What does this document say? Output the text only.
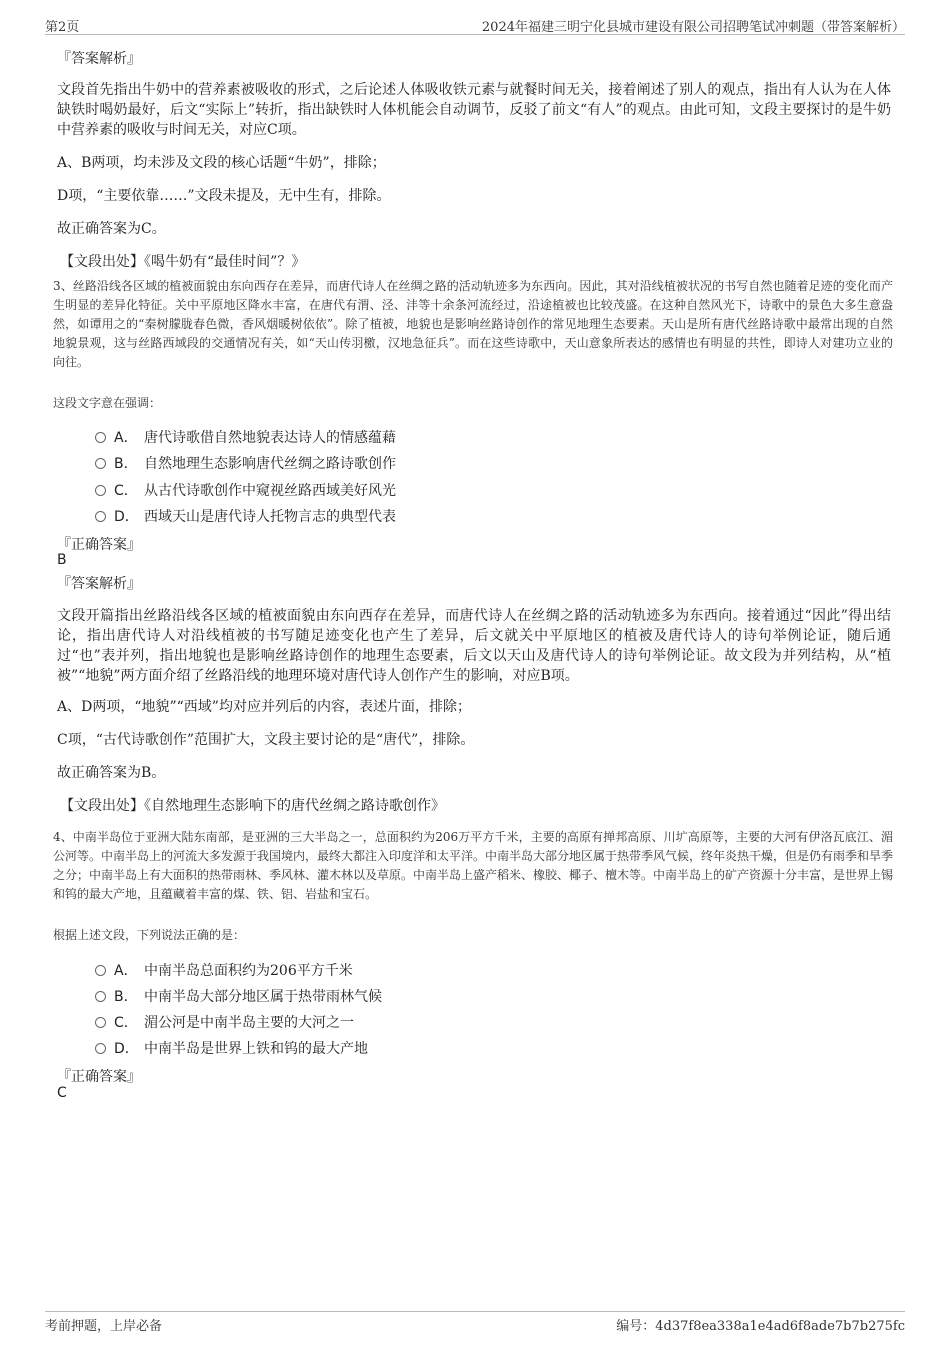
第2页	2024年福建三明宁化县城市建设有限公司招聘笔试冲刺题（带答案解析）
『答案解析』

文段首先指出牛奶中的营养素被吸收的形式，之后论述人体吸收铁元素与就餐时间无关，接着阐述了别人的观点，指出有人认为在人体缺铁时喝奶最好，后文“实际上”转折，指出缺铁时人体机能会自动调节，反驳了前文“有人”的观点。由此可知，文段主要探讨的是牛奶中营养素的吸收与时间无关，对应C项。

A、B两项，均未涉及文段的核心话题“牛奶”，排除；
D项，“主要依靠……”文段未提及，无中生有，排除。
故正确答案为C。
【文段出处】《喝牛奶有“最佳时间”？》

3、丝路沿线各区域的植被面貌由东向西存在差异，而唐代诗人在丝绸之路的活动轨迹多为东西向。因此，其对沿线植被状况的书写自然也随着足迹的变化而产生明显的差异化特征。关中平原地区降水丰富，在唐代有渭、泾、沣等十余条河流经过，沿途植被也比较茂盛。在这种自然风光下，诗歌中的景色大多生意盎然，如谭用之的“秦树朦胧春色微，香风烟暖树依依”。除了植被，地貌也是影响丝路诗创作的常见地理生态要素。天山是所有唐代丝路诗歌中最常出现的自然地貌景观，这与丝路西域段的交通情况有关，如“天山传羽檄，汉地急征兵”。而在这些诗歌中，天山意象所表达的感情也有明显的共性，即诗人对建功立业的向往。

这段文字意在强调：
A． 唐代诗歌借自然地貌表达诗人的情感蕴藉
B． 自然地理生态影响唐代丝绸之路诗歌创作
C． 从古代诗歌创作中窥视丝路西域美好风光
D． 西域天山是唐代诗人托物言志的典型代表
『正确答案』
B
『答案解析』

文段开篇指出丝路沿线各区域的植被面貌由东向西存在差异，而唐代诗人在丝绸之路的活动轨迹多为东西向。接着通过“因此”得出结论，指出唐代诗人对沿线植被的书写随足迹变化也产生了差异，后文就关中平原地区的植被及唐代诗人的诗句举例论证，随后通过“也”表并列，指出地貌也是影响丝路诗创作的地理生态要素，后文以天山及唐代诗人的诗句举例论证。故文段为并列结构，从“植被”“地貌”两方面介绍了丝路沿线的地理环境对唐代诗人创作产生的影响，对应B项。

A、D两项，“地貌”“西域”均对应并列后的内容，表述片面，排除；
C项，“古代诗歌创作”范围扩大，文段主要讨论的是“唐代”，排除。
故正确答案为B。
【文段出处】《自然地理生态影响下的唐代丝绸之路诗歌创作》

4、中南半岛位于亚洲大陆东南部，是亚洲的三大半岛之一，总面积约为206万平方千米，主要的高原有掸邦高原、川圹高原等，主要的大河有伊洛瓦底江、湄公河等。中南半岛上的河流大多发源于我国境内，最终大都注入印度洋和太平洋。中南半岛大部分地区属于热带季风气候，终年炎热干燥，但是仍有雨季和旱季之分；中南半岛上有大面积的热带雨林、季风林、灌木林以及草原。中南半岛上盛产稻米、橡胶、椰子、檀木等。中南半岛上的矿产资源十分丰富，是世界上锡和钨的最大产地，且蕴藏着丰富的煤、铁、铝、岩盐和宝石。

根据上述文段，下列说法正确的是：
A． 中南半岛总面积约为206平方千米
B． 中南半岛大部分地区属于热带雨林气候
C． 湄公河是中南半岛主要的大河之一
D． 中南半岛是世界上铁和钨的最大产地
『正确答案』
C
考前押题，上岸必备	编号：4d37f8ea338a1e4ad6f8ade7b7b275fc
